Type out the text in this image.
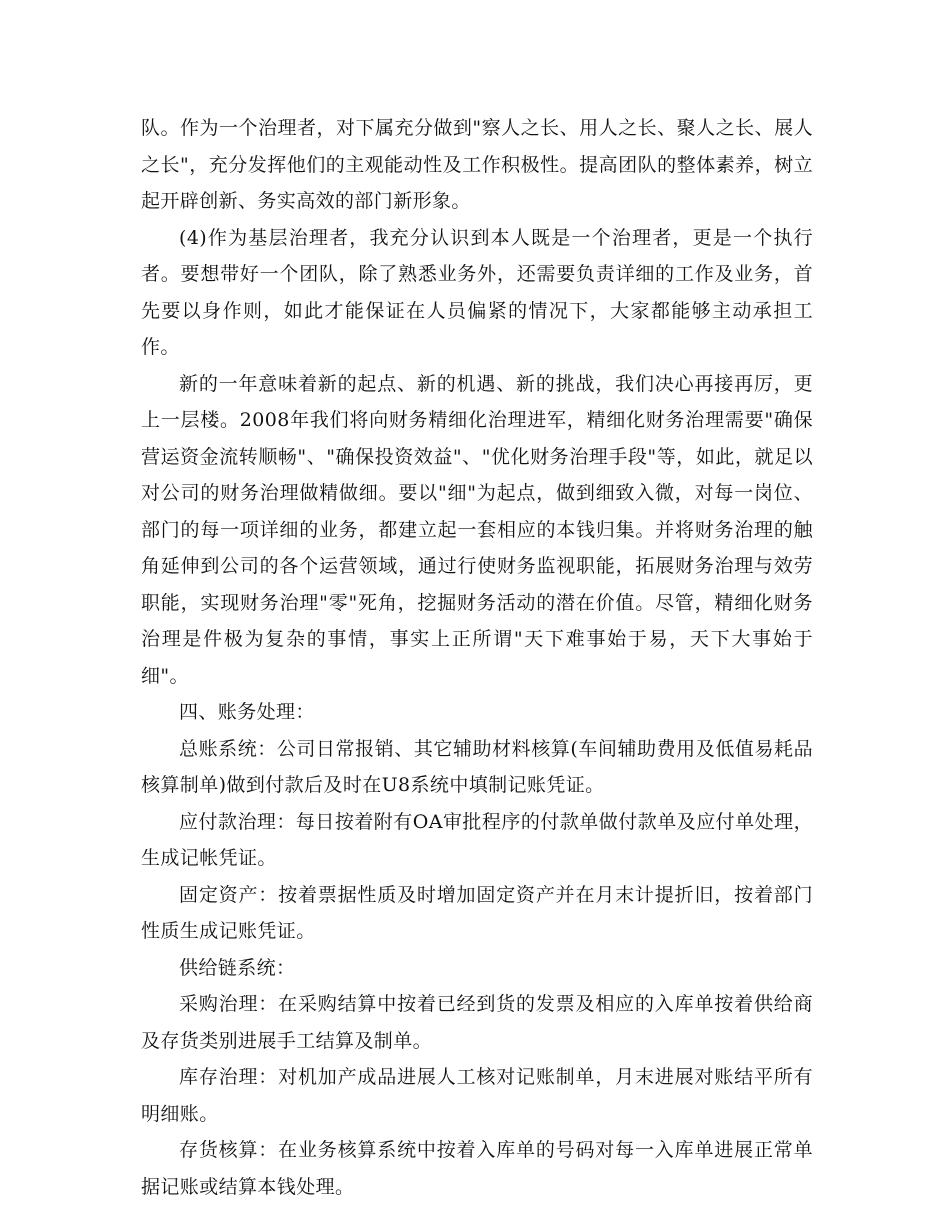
队。作为一个治理者，对下属充分做到"察人之长、用人之长、聚人之长、展人之长"，充分发挥他们的主观能动性及工作积极性。提高团队的整体素养，树立起开辟创新、务实高效的部门新形象。

(4)作为基层治理者，我充分认识到本人既是一个治理者，更是一个执行者。要想带好一个团队，除了熟悉业务外，还需要负责详细的工作及业务，首先要以身作则，如此才能保证在人员偏紧的情况下，大家都能够主动承担工作。

新的一年意味着新的起点、新的机遇、新的挑战，我们决心再接再厉，更上一层楼。2008年我们将向财务精细化治理进军，精细化财务治理需要"确保营运资金流转顺畅"、"确保投资效益"、"优化财务治理手段"等，如此，就足以对公司的财务治理做精做细。要以"细"为起点，做到细致入微，对每一岗位、部门的每一项详细的业务，都建立起一套相应的本钱归集。并将财务治理的触角延伸到公司的各个运营领域，通过行使财务监视职能，拓展财务治理与效劳职能，实现财务治理"零"死角，挖掘财务活动的潜在价值。尽管，精细化财务治理是件极为复杂的事情，事实上正所谓"天下难事始于易，天下大事始于细"。

四、账务处理：

总账系统：公司日常报销、其它辅助材料核算(车间辅助费用及低值易耗品核算制单)做到付款后及时在U8系统中填制记账凭证。

应付款治理：每日按着附有OA审批程序的付款单做付款单及应付单处理，生成记帐凭证。

固定资产：按着票据性质及时增加固定资产并在月末计提折旧，按着部门性质生成记账凭证。

供给链系统：

采购治理：在采购结算中按着已经到货的发票及相应的入库单按着供给商及存货类别进展手工结算及制单。

库存治理：对机加产成品进展人工核对记账制单，月末进展对账结平所有明细账。

存货核算：在业务核算系统中按着入库单的号码对每一入库单进展正常单据记账或结算本钱处理。
